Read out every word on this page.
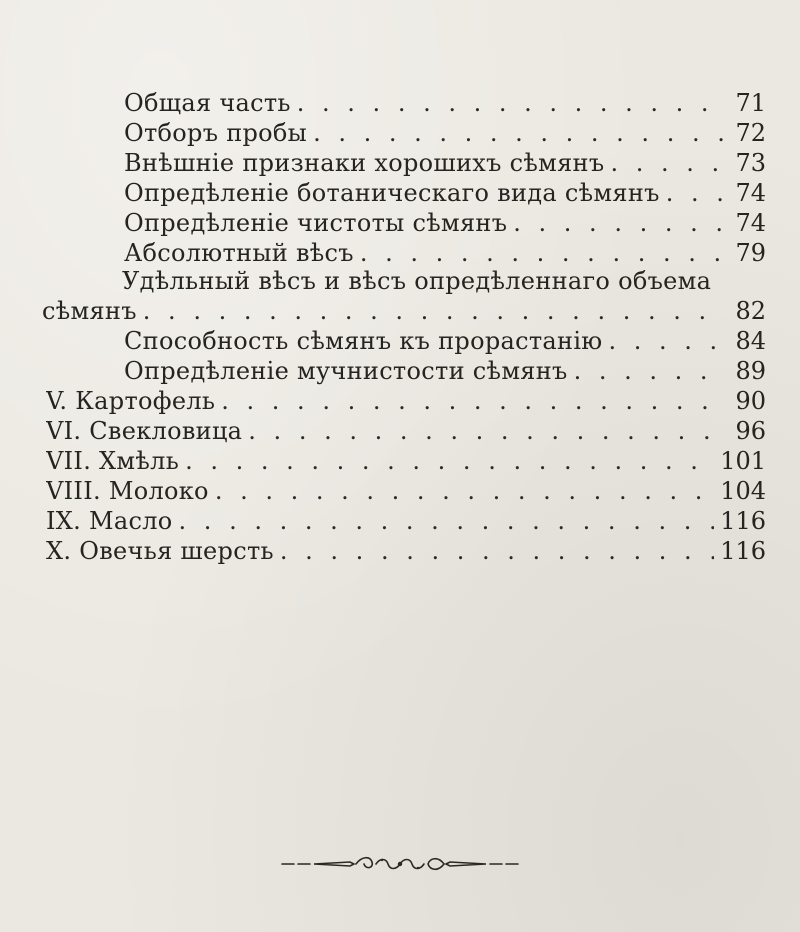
Общая часть . . .	71
Отборъ пробы . . .	72
Внѣшніе признаки хорошихъ сѣмянъ . . .	73
Опредѣленіе ботаническаго вида сѣмянъ . . .	74
Опредѣленіе чистоты сѣмянъ . . .	74
Абсолютный вѣсъ . . .	79
Удѣльный вѣсъ и вѣсъ опредѣленнаго объема
сѣмянъ . . .	82
Способность сѣмянъ къ прорастанію . . .	84
Опредѣленіе мучнистости сѣмянъ . . .	89
V. Картофель . . .	90
VI. Свекловица . . .	96
VII. Хмѣль . . .	101
VIII. Молоко . . .	104
IX. Масло . . .	116
X. Овечья шерсть . . .	116
